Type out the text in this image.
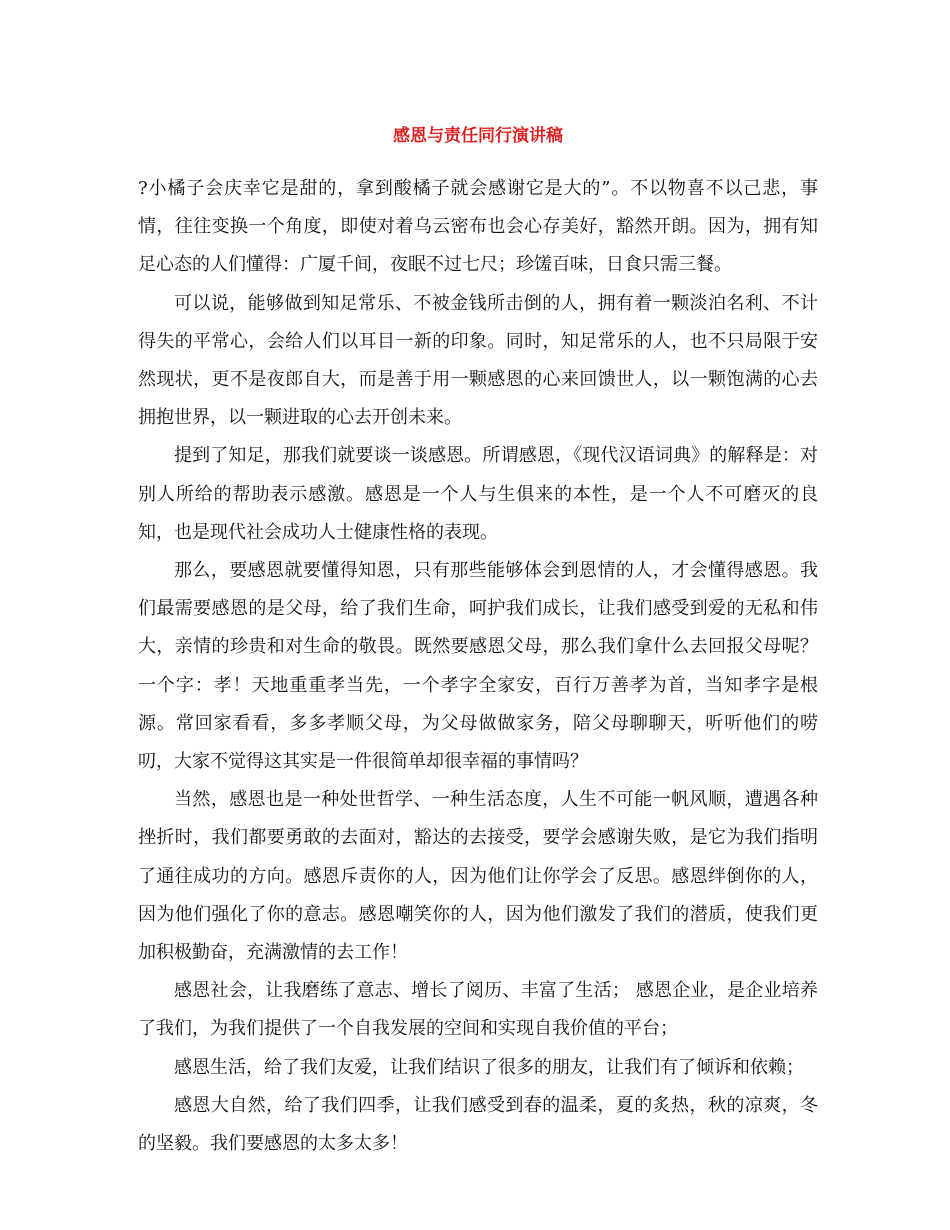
感恩与责任同行演讲稿

?小橘子会庆幸它是甜的，拿到酸橘子就会感谢它是大的”。不以物喜不以己悲，事情，往往变换一个角度，即使对着乌云密布也会心存美好，豁然开朗。因为，拥有知足心态的人们懂得：广厦千间，夜眠不过七尺；珍馐百味，日食只需三餐。

可以说，能够做到知足常乐、不被金钱所击倒的人，拥有着一颗淡泊名利、不计得失的平常心，会给人们以耳目一新的印象。同时，知足常乐的人，也不只局限于安然现状，更不是夜郎自大，而是善于用一颗感恩的心来回馈世人，以一颗饱满的心去拥抱世界，以一颗进取的心去开创未来。

提到了知足，那我们就要谈一谈感恩。所谓感恩，《现代汉语词典》的解释是：对别人所给的帮助表示感激。感恩是一个人与生俱来的本性，是一个人不可磨灭的良知，也是现代社会成功人士健康性格的表现。

那么，要感恩就要懂得知恩，只有那些能够体会到恩情的人，才会懂得感恩。我们最需要感恩的是父母，给了我们生命，呵护我们成长，让我们感受到爱的无私和伟大，亲情的珍贵和对生命的敬畏。既然要感恩父母，那么我们拿什么去回报父母呢？一个字：孝！天地重重孝当先，一个孝字全家安，百行万善孝为首，当知孝字是根源。常回家看看，多多孝顺父母，为父母做做家务，陪父母聊聊天，听听他们的唠叨，大家不觉得这其实是一件很简单却很幸福的事情吗？

当然，感恩也是一种处世哲学、一种生活态度，人生不可能一帆风顺，遭遇各种挫折时，我们都要勇敢的去面对，豁达的去接受，要学会感谢失败，是它为我们指明了通往成功的方向。感恩斥责你的人，因为他们让你学会了反思。感恩绊倒你的人，因为他们强化了你的意志。感恩嘲笑你的人，因为他们激发了我们的潜质，使我们更加积极勤奋，充满激情的去工作！

感恩社会，让我磨练了意志、增长了阅历、丰富了生活； 感恩企业，是企业培养了我们，为我们提供了一个自我发展的空间和实现自我价值的平台；

感恩生活，给了我们友爱，让我们结识了很多的朋友，让我们有了倾诉和依赖；

感恩大自然，给了我们四季，让我们感受到春的温柔，夏的炙热，秋的凉爽，冬的坚毅。我们要感恩的太多太多！
